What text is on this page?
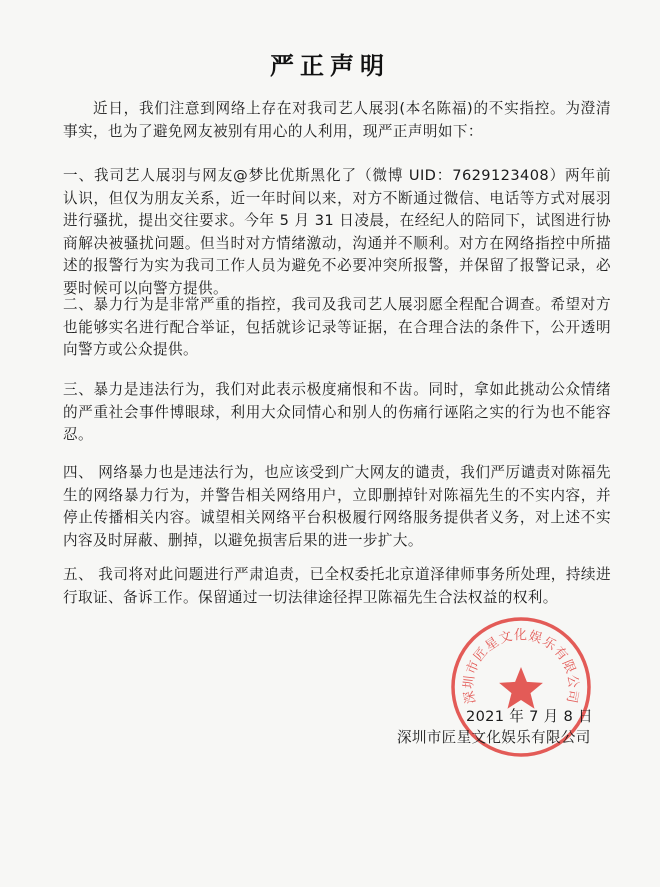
严正声明

近日，我们注意到网络上存在对我司艺人展羽(本名陈福)的不实指控。为澄清事实，也为了避免网友被别有用心的人利用，现严正声明如下：

一、我司艺人展羽与网友@梦比优斯黑化了（微博 UID：7629123408）两年前认识，但仅为朋友关系，近一年时间以来，对方不断通过微信、电话等方式对展羽进行骚扰，提出交往要求。今年 5 月 31 日凌晨，在经纪人的陪同下，试图进行协商解决被骚扰问题。但当时对方情绪激动，沟通并不顺利。对方在网络指控中所描述的报警行为实为我司工作人员为避免不必要冲突所报警，并保留了报警记录，必要时候可以向警方提供。

二、暴力行为是非常严重的指控，我司及我司艺人展羽愿全程配合调查。希望对方也能够实名进行配合举证，包括就诊记录等证据，在合理合法的条件下，公开透明向警方或公众提供。

三、暴力是违法行为，我们对此表示极度痛恨和不齿。同时，拿如此挑动公众情绪的严重社会事件博眼球，利用大众同情心和别人的伤痛行诬陷之实的行为也不能容忍。

四、 网络暴力也是违法行为，也应该受到广大网友的谴责，我们严厉谴责对陈福先生的网络暴力行为，并警告相关网络用户，立即删掉针对陈福先生的不实内容，并停止传播相关内容。诚望相关网络平台积极履行网络服务提供者义务，对上述不实内容及时屏蔽、删掉，以避免损害后果的进一步扩大。

五、 我司将对此问题进行严肃追责，已全权委托北京道泽律师事务所处理，持续进行取证、备诉工作。保留通过一切法律途径捍卫陈福先生合法权益的权利。

深圳市匠星文化娱乐有限公司
2021 年 7 月 8 日
深圳市匠星文化娱乐有限公司
